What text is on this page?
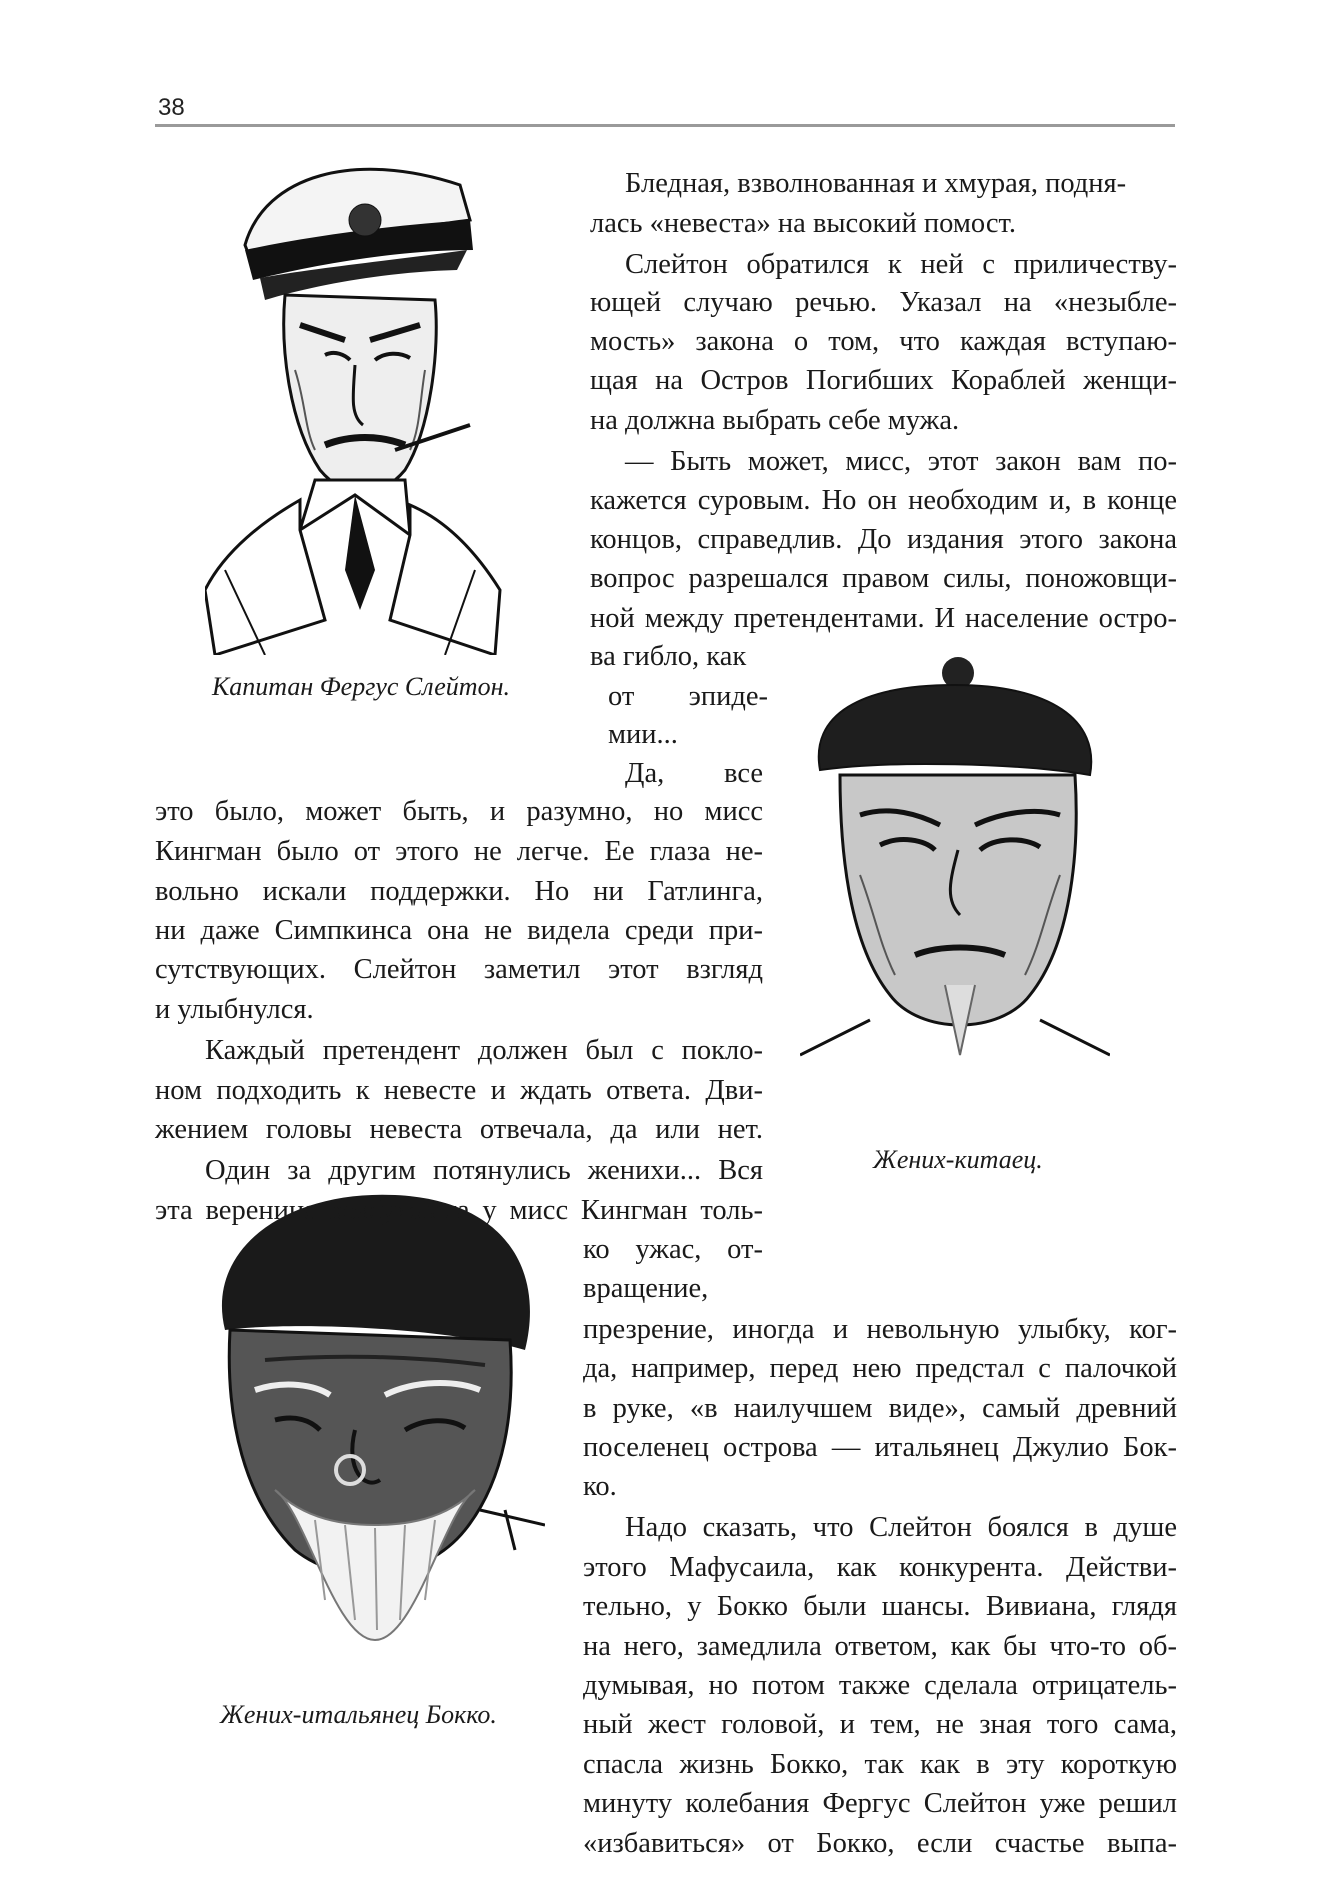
38
Капитан Фергус Слейтон.
Жених-китаец.
Жених-итальянец Бокко.
Бледная, взволнованная и хмурая, подня-
лась «невеста» на высокий помост.
Слейтон обратился к ней с приличеству-
ющей случаю речью. Указал на «незыбле-
мость» закона о том, что каждая вступаю-
щая на Остров Погибших Кораблей женщи-
на должна выбрать себе мужа.
— Быть может, мисс, этот закон вам по-
кажется суровым. Но он необходим и, в конце
концов, справедлив. До издания этого закона
вопрос разрешался правом силы, поножовщи-
ной между претендентами. И население остро-
ва гибло, как
от эпиде-
мии...
Да, все
это было, может быть, и разумно, но мисс
Кингман было от этого не легче. Ее глаза не-
вольно искали поддержки. Но ни Гатлинга,
ни даже Симпкинса она не видела среди при-
сутствующих. Слейтон заметил этот взгляд
и улыбнулся.
Каждый претендент должен был с покло-
ном подходить к невесте и ждать ответа. Дви-
жением головы невеста отвечала, да или нет.
Один за другим потянулись женихи... Вся
эта вереница возбуждала у мисс Кингман толь-
ко ужас, от-
вращение,
презрение, иногда и невольную улыбку, ког-
да, например, перед нею предстал с палочкой
в руке, «в наилучшем виде», самый древний
поселенец острова — итальянец Джулио Бок-
ко.
Надо сказать, что Слейтон боялся в душе
этого Мафусаила, как конкурента. Действи-
тельно, у Бокко были шансы. Вивиана, глядя
на него, замедлила ответом, как бы что-то об-
думывая, но потом также сделала отрицатель-
ный жест головой, и тем, не зная того сама,
спасла жизнь Бокко, так как в эту короткую
минуту колебания Фергус Слейтон уже решил
«избавиться» от Бокко, если счастье выпа-
